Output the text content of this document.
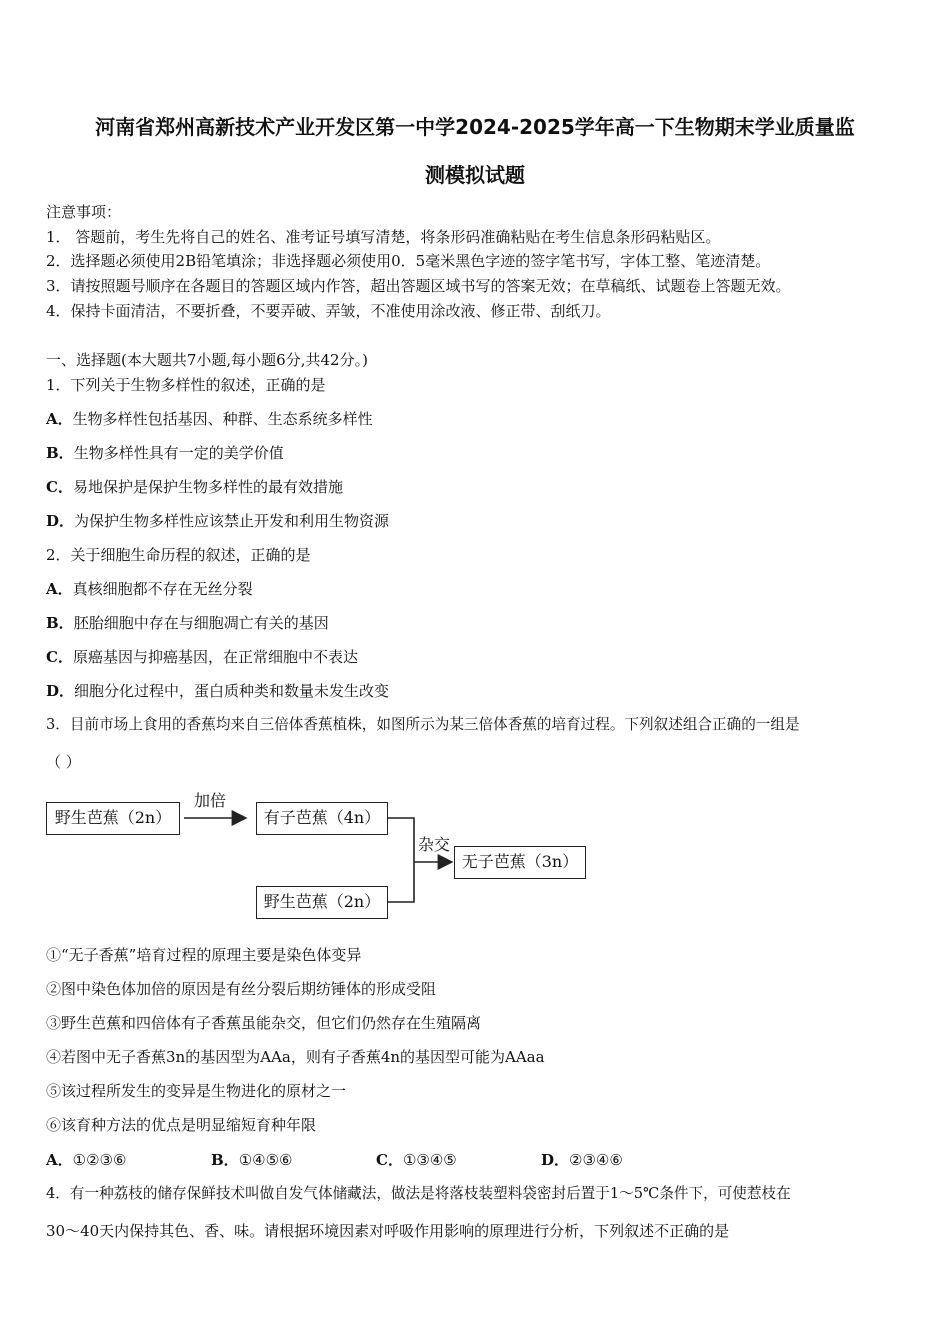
河南省郑州高新技术产业开发区第一中学2024-2025学年高一下生物期末学业质量监
测模拟试题
注意事项：
1． 答题前，考生先将自己的姓名、准考证号填写清楚，将条形码准确粘贴在考生信息条形码粘贴区。
2．选择题必须使用2B铅笔填涂；非选择题必须使用0．5毫米黑色字迹的签字笔书写，字体工整、笔迹清楚。
3．请按照题号顺序在各题目的答题区域内作答，超出答题区域书写的答案无效；在草稿纸、试题卷上答题无效。
4．保持卡面清洁，不要折叠，不要弄破、弄皱，不准使用涂改液、修正带、刮纸刀。
一、选择题(本大题共7小题,每小题6分,共42分。)
1．下列关于生物多样性的叙述，正确的是
A．生物多样性包括基因、种群、生态系统多样性
B．生物多样性具有一定的美学价值
C．易地保护是保护生物多样性的最有效措施
D．为保护生物多样性应该禁止开发和利用生物资源
2．关于细胞生命历程的叙述，正确的是
A．真核细胞都不存在无丝分裂
B．胚胎细胞中存在与细胞凋亡有关的基因
C．原癌基因与抑癌基因，在正常细胞中不表达
D．细胞分化过程中，蛋白质种类和数量未发生改变
3．目前市场上食用的香蕉均来自三倍体香蕉植株，如图所示为某三倍体香蕉的培育过程。下列叙述组合正确的一组是
（ ）
野生芭蕉（2n）
加倍
有子芭蕉（4n）
杂交
无子芭蕉（3n）
野生芭蕉（2n）
①“无子香蕉”培育过程的原理主要是染色体变异
②图中染色体加倍的原因是有丝分裂后期纺锤体的形成受阻
③野生芭蕉和四倍体有子香蕉虽能杂交，但它们仍然存在生殖隔离
④若图中无子香蕉3n的基因型为AAa，则有子香蕉4n的基因型可能为AAaa
⑤该过程所发生的变异是生物进化的原材之一
⑥该育种方法的优点是明显缩短育种年限
A．①②③⑥	B．①④⑤⑥	C．①③④⑤	D．②③④⑥
4．有一种荔枝的储存保鲜技术叫做自发气体储藏法，做法是将落枝装塑料袋密封后置于1～5℃条件下，可使惹枝在
30～40天内保持其色、香、味。请根据环境因素对呼吸作用影响的原理进行分析，下列叙述不正确的是
